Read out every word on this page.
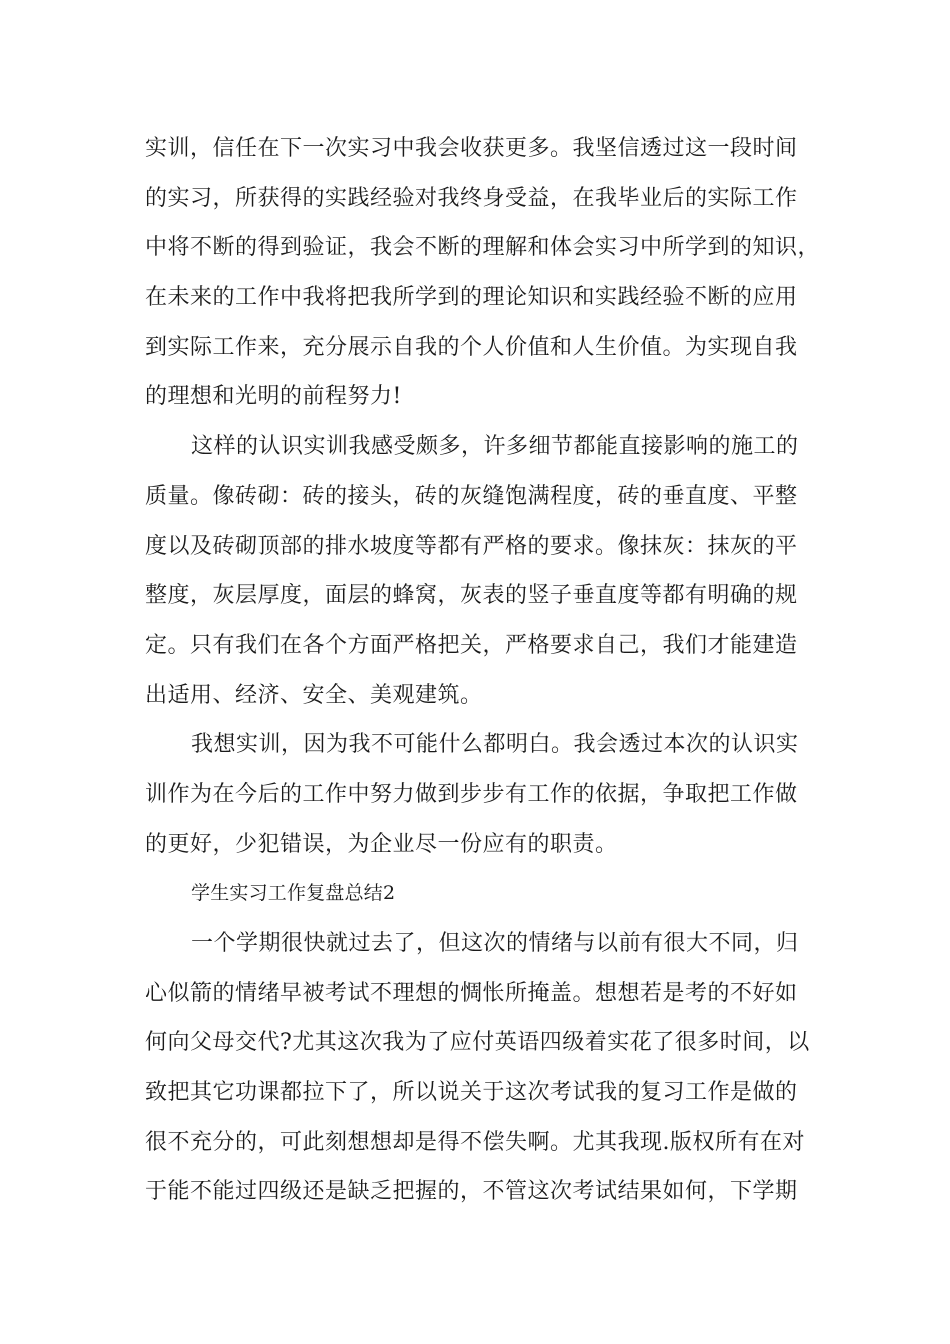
实训，信任在下一次实习中我会收获更多。我坚信透过这一段时间
的实习，所获得的实践经验对我终身受益，在我毕业后的实际工作
中将不断的得到验证，我会不断的理解和体会实习中所学到的知识，
在未来的工作中我将把我所学到的理论知识和实践经验不断的应用
到实际工作来，充分展示自我的个人价值和人生价值。为实现自我
的理想和光明的前程努力!
这样的认识实训我感受颇多，许多细节都能直接影响的施工的
质量。像砖砌：砖的接头，砖的灰缝饱满程度，砖的垂直度、平整
度以及砖砌顶部的排水坡度等都有严格的要求。像抹灰：抹灰的平
整度，灰层厚度，面层的蜂窝，灰表的竖子垂直度等都有明确的规
定。只有我们在各个方面严格把关，严格要求自己，我们才能建造
出适用、经济、安全、美观建筑。
我想实训，因为我不可能什么都明白。我会透过本次的认识实
训作为在今后的工作中努力做到步步有工作的依据，争取把工作做
的更好，少犯错误，为企业尽一份应有的职责。
学生实习工作复盘总结2
一个学期很快就过去了，但这次的情绪与以前有很大不同，归
心似箭的情绪早被考试不理想的惆怅所掩盖。想想若是考的不好如
何向父母交代?尤其这次我为了应付英语四级着实花了很多时间，以
致把其它功课都拉下了，所以说关于这次考试我的复习工作是做的
很不充分的，可此刻想想却是得不偿失啊。尤其我现.版权所有在对
于能不能过四级还是缺乏把握的，不管这次考试结果如何，下学期
